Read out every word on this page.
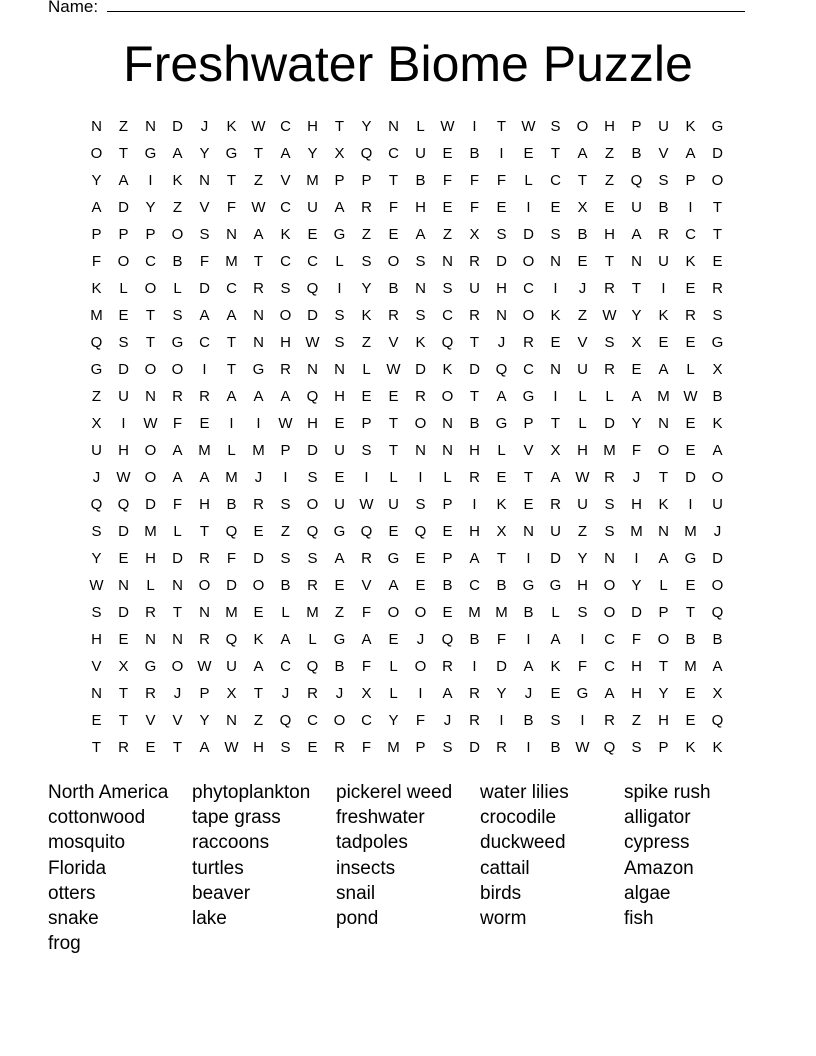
Name:
Freshwater Biome Puzzle
N	Z	N	D	J	K W C	H	T	Y	N	L	W	I	T	W S	O	H	P	U	K	G
O	T	G	A	Y	G	T	A	Y	X	Q	C	U	E	B	I	E	T	A	Z	B	V	A	D
Y	A	I	K	N	T	Z	V	M	P	P	T	B	F	F	F	L	C	T	Z	Q	S	P	O
A	D	Y	Z	V	F	W C	U	A	R	F	H	E	F	E	I	E	X	E	U	B	I	T
P	P	P	O	S	N	A	K	E	G	Z	E	A	Z	X	S	D	S	B	H	A	R	C	T
F	O	C	B	F	M	T	C	C	L	S	O	S	N	R	D	O	N	E	T	N	U	K	E
K	L	O	L	D	C	R	S	Q	I	Y	B	N	S	U	H	C	I	J	R	T	I	E	R
M	E	T	S	A	A	N	O	D	S	K	R	S	C	R	N	O	K	Z	W Y	K	R	S
Q	S	T	G	C	T	N	H W S	Z	V	K	Q	T	J	R	E	V	S	X	E	E	G
G	D	O	O	I	T	G	R	N	N	L	W D	K	D	Q	C	N	U	R	E	A	L	X
Z	U	N	R	R	A	A	A	Q	H	E	E	R	O	T	A	G	I	L	L	A	M W B
X	I	W	F	E	I	I	W H	E	P	T	O	N	B	G	P	T	L	D	Y	N	E	K
U	H	O	A	M	L	M	P	D	U	S	T	N	N	H	L	V	X	H	M	F	O	E	A
J	W O	A	A	M	J	I	S	E	I	L	I	L	R	E	T	A W R	J	T	D	O
Q	Q	D	F	H	B	R	S	O	U W U	S	P	I	K	E	R	U	S	H	K	I	U
S	D	M	L	T	Q	E	Z	Q	G	Q	E	Q	E	H	X	N	U	Z	S	M	N	M	J
Y	E	H	D	R	F	D	S	S	A	R	G	E	P	A	T	I	D	Y	N	I	A	G	D
W N	L	N	O	D	O	B	R	E	V	A	E	B	C	B	G	G	H	O	Y	L	E	O
S	D	R	T	N	M	E	L	M	Z	F	O	O	E	M M	B	L	S	O	D	P	T	Q
H	E	N	N	R	Q	K	A	L	G	A	E	J	Q	B	F	I	A	I	C	F	O	B	B
V	X	G	O W U	A	C	Q	B	F	L	O	R	I	D	A	K	F	C	H	T	M	A
N	T	R	J	P	X	T	J	R	J	X	L	I	A	R	Y	J	E	G	A	H	Y	E	X
E	T	V	V	Y	N	Z	Q	C	O	C	Y	F	J	R	I	B	S	I	R	Z	H	E	Q
T	R	E	T	A W H	S	E	R	F	M	P	S	D	R	I	B W Q	S	P	K	K
North America	phytoplankton	pickerel weed	water lilies	spike rush
cottonwood	tape grass	freshwater	crocodile	alligator
mosquito	raccoons	tadpoles	duckweed	cypress
Florida	turtles	insects	cattail	Amazon
otters	beaver	snail	birds	algae
snake	lake	pond	worm	fish
frog
